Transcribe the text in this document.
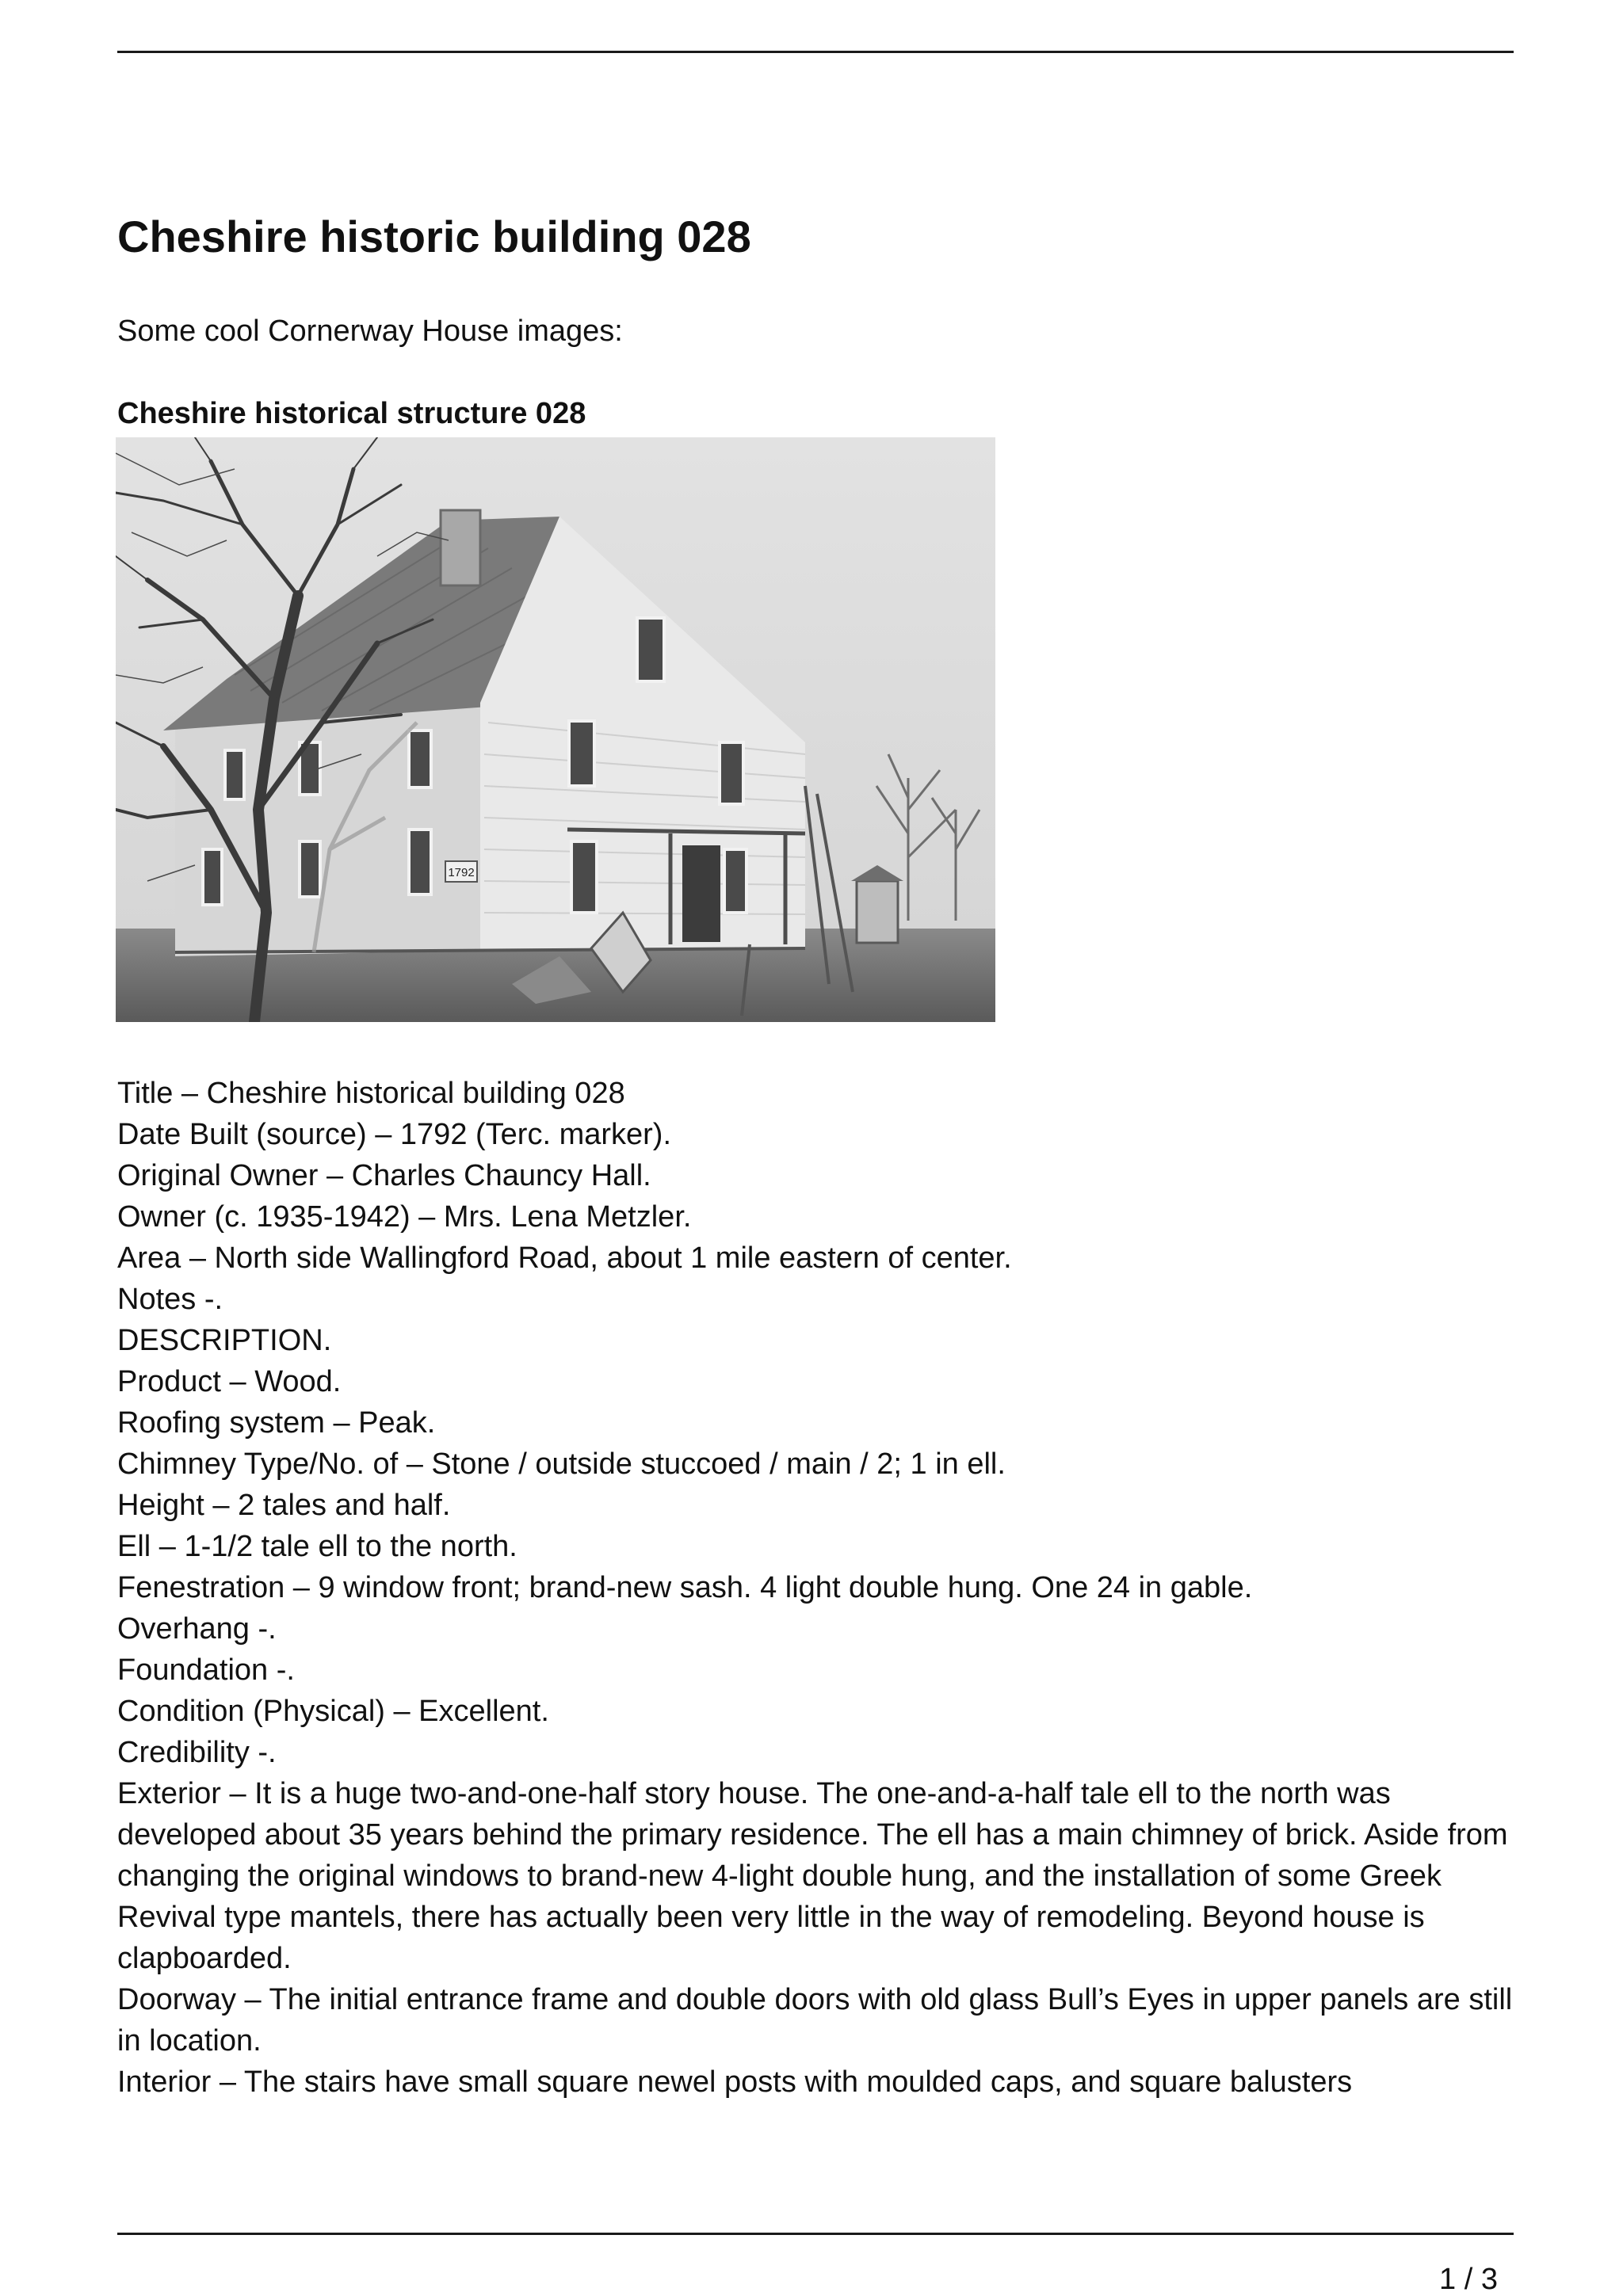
Cheshire historic building 028
Some cool Cornerway House images:
Cheshire historical structure 028
1792
Title – Cheshire historical building 028
Date Built (source) – 1792 (Terc. marker).
Original Owner – Charles Chauncy Hall.
Owner (c. 1935-1942) – Mrs. Lena Metzler.
Area – North side Wallingford Road, about 1 mile eastern of center.
Notes -.
DESCRIPTION.
Product – Wood.
Roofing system – Peak.
Chimney Type/No. of – Stone / outside stuccoed / main / 2; 1 in ell.
Height – 2 tales and half.
Ell – 1-1/2 tale ell to the north.
Fenestration – 9 window front; brand-new sash. 4 light double hung. One 24 in gable.
Overhang -.
Foundation -.
Condition (Physical) – Excellent.
Credibility -.
Exterior – It is a huge two-and-one-half story house. The one-and-a-half tale ell to the north was developed about 35 years behind the primary residence. The ell has a main chimney of brick. Aside from changing the original windows to brand-new 4-light double hung, and the installation of some Greek Revival type mantels, there has actually been very little in the way of remodeling. Beyond house is clapboarded.
Doorway – The initial entrance frame and double doors with old glass Bull’s Eyes in upper panels are still in location.
Interior – The stairs have small square newel posts with moulded caps, and square balusters
1 / 3
